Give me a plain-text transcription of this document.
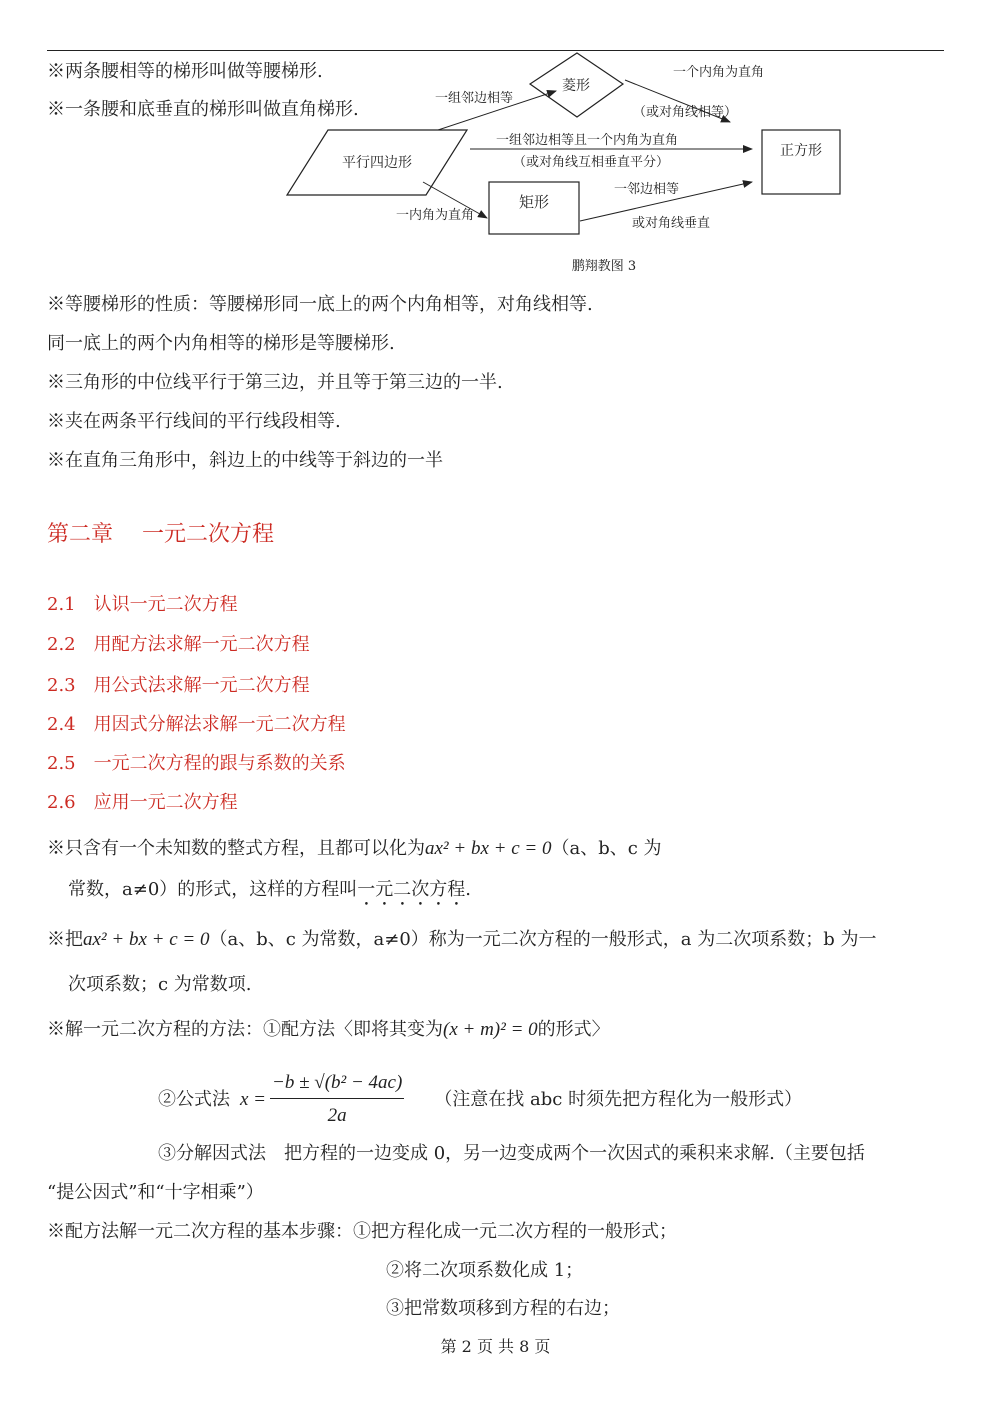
※两条腰相等的梯形叫做等腰梯形.
※一条腰和底垂直的梯形叫做直角梯形.
平行四边形
菱形
矩形
正方形
一组邻边相等
一个内角为直角
（或对角线相等）
一组邻边相等且一个内角为直角
（或对角线互相垂直平分）
一内角为直角
一邻边相等
或对角线垂直
鹏翔教图 3
※等腰梯形的性质：等腰梯形同一底上的两个内角相等，对角线相等.
同一底上的两个内角相等的梯形是等腰梯形.
※三角形的中位线平行于第三边，并且等于第三边的一半.
※夹在两条平行线间的平行线段相等.
※在直角三角形中，斜边上的中线等于斜边的一半
第二章　 一元二次方程
2.1　 认识一元二次方程
2.2　 用配方法求解一元二次方程
2.3　 用公式法求解一元二次方程
2.4　 用因式分解法求解一元二次方程
2.5　 一元二次方程的跟与系数的关系
2.6　 应用一元二次方程
※只含有一个未知数的整式方程，且都可以化为ax² + bx + c = 0（a、b、c 为
常数，a≠0）的形式，这样的方程叫一元二次方程.
※把ax² + bx + c = 0（a、b、c 为常数，a≠0）称为一元二次方程的一般形式，a 为二次项系数；b 为一
次项系数；c 为常数项.
※解一元二次方程的方法：①配方法〈即将其变为(x + m)² = 0的形式〉
②公式法 $x = \frac{\text{−b ± √(b² − 4ac)}}{2a}$ （注意在找 abc 时须先把方程化为一般形式）
③分解因式法　把方程的一边变成 0，另一边变成两个一次因式的乘积来求解.（主要包括
“提公因式”和“十字相乘”）
※配方法解一元二次方程的基本步骤：①把方程化成一元二次方程的一般形式；
②将二次项系数化成 1；
③把常数项移到方程的右边；
第 2 页 共 8 页
